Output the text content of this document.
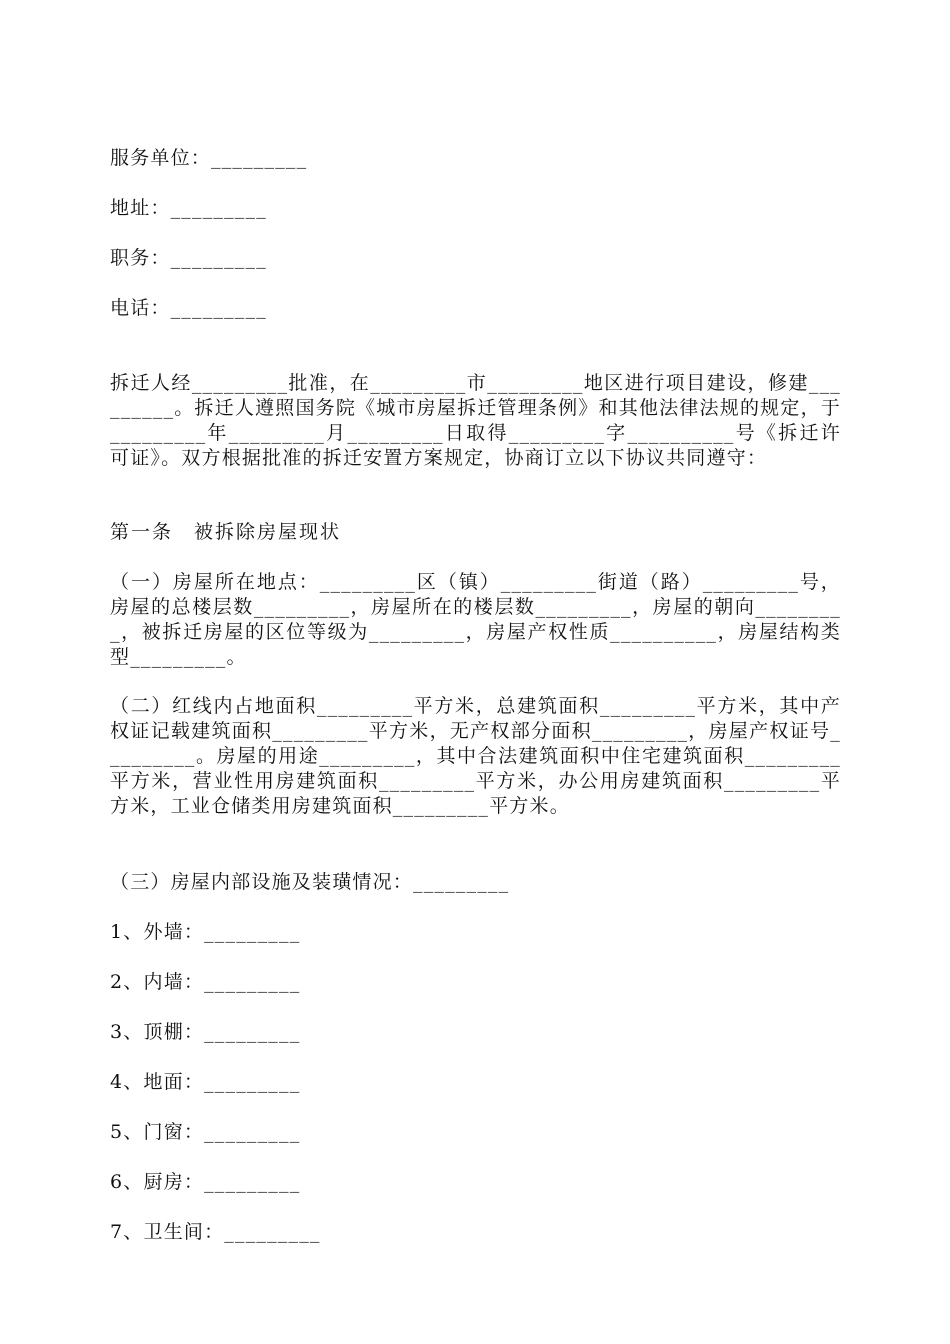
服务单位：_________
地址：_________
职务：_________
电话：_________
拆迁人经_________批准，在_________市_________地区进行项目建设，修建_________。拆迁人遵照国务院《城市房屋拆迁管理条例》和其他法律法规的规定，于_________年_________月_________日取得_________字__________号《拆迁许可证》。双方根据批准的拆迁安置方案规定，协商订立以下协议共同遵守：
第一条　被拆除房屋现状
（一）房屋所在地点：_________区（镇）_________街道（路）_________号，房屋的总楼层数_________，房屋所在的楼层数_________，房屋的朝向_________，被拆迁房屋的区位等级为_________，房屋产权性质__________，房屋结构类型_________。
（二）红线内占地面积_________平方米，总建筑面积_________平方米，其中产权证记载建筑面积_________平方米，无产权部分面积_________，房屋产权证号_________。房屋的用途_________，其中合法建筑面积中住宅建筑面积_________平方米，营业性用房建筑面积_________平方米，办公用房建筑面积_________平方米，工业仓储类用房建筑面积_________平方米。
（三）房屋内部设施及装璜情况：_________
1、外墙：_________
2、内墙：_________
3、顶棚：_________
4、地面：_________
5、门窗：_________
6、厨房：_________
7、卫生间：_________
